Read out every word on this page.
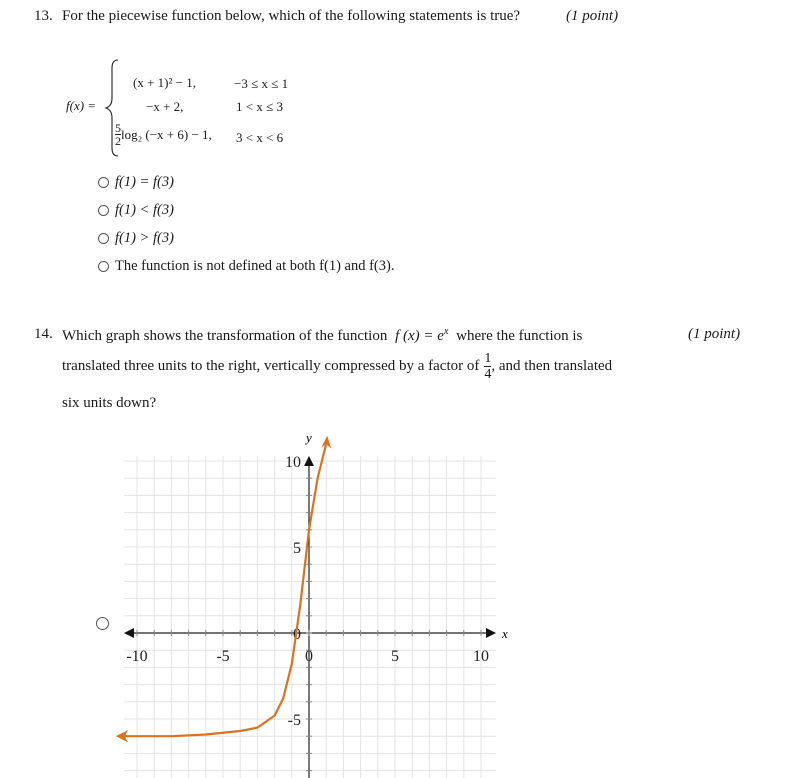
13. For the piecewise function below, which of the following statements is true?	(1 point)
f(x) =
(x + 1)² − 1,	−3 ≤ x ≤ 1
−x + 2,	1 < x ≤ 3
$\frac{5}{2} \log_2$ (−x + 6) − 1, 3 < x < 6
f(1) = f(3)
f(1) < f(3)
f(1) > f(3)
The function is not defined at both f(1) and f(3).
14. Which graph shows the transformation of the function f $(x) = e^x$ where the function is	(1 point)
translated three units to the right, vertically compressed by a factor of $\frac{1}{4}$ , and then translated
six units down?
-10	-5	0	5	10
10
5
-5
0	x
y
